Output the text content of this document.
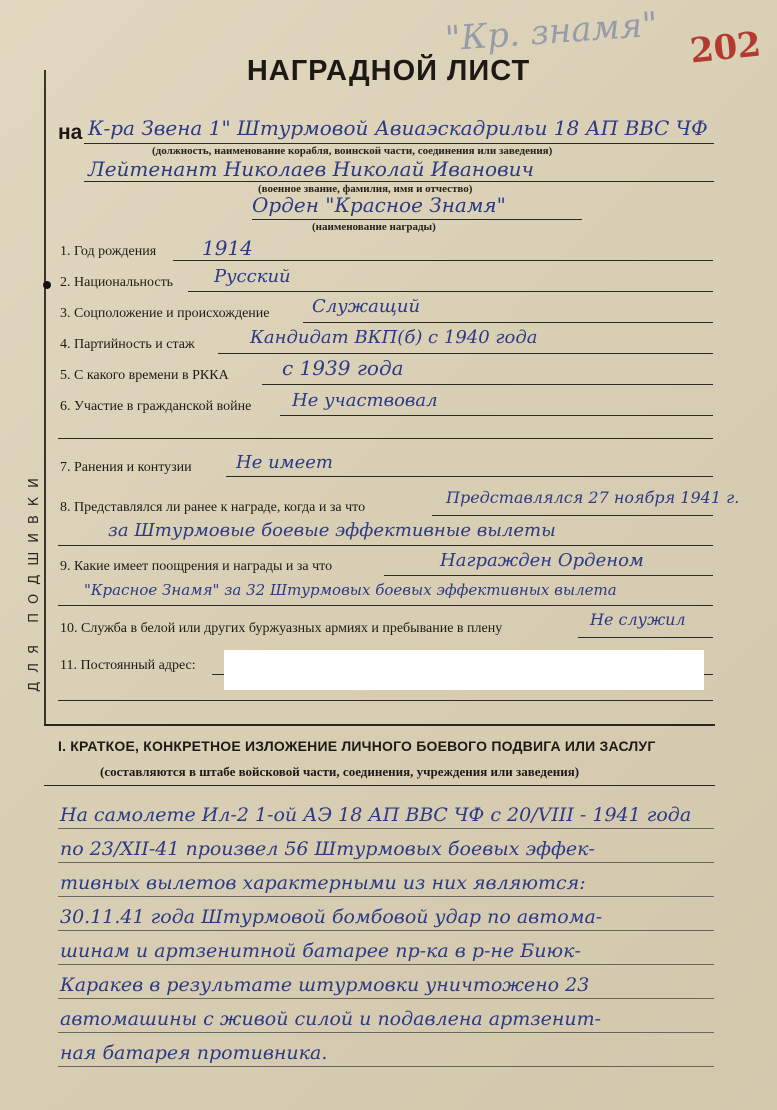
"Кр. знамя" 202
НАГРАДНОЙ ЛИСТ
ДЛЯ ПОДШИВКИ
на К-ра Звена 1" Штурмовой Авиаэскадрильи 18 АП ВВС ЧФ
(должность, наименование корабля, воинской части, соединения или заведения)
Лейтенант Николаев Николай Иванович
(военное звание, фамилия, имя и отчество)
Орден "Красное Знамя"
(наименование награды)
1. Год рождения 1914
2. Национальность Русский
3. Соцположение и происхождение Служащий
4. Партийность и стаж	Кандидат ВКП(б) с 1940 года
5. С какого времени в РККА	с 1939 года
6. Участие в гражданской войне Не участвовал
7. Ранения и контузии Не имеет
8. Представлялся ли ранее к награде, когда и за что
Представлялся 27 ноября 1941 г.
за Штурмовые боевые эффективные вылеты
9. Какие имеет поощрения и награды и за что	Награжден Орденом
"Красное Знамя" за 32 Штурмовых боевых эффективных вылета
10. Служба в белой или других буржуазных армиях и пребывание в плену	Не служил
11. Постоянный адрес:
I. КРАТКОЕ, КОНКРЕТНОЕ ИЗЛОЖЕНИЕ ЛИЧНОГО БОЕВОГО ПОДВИГА ИЛИ ЗАСЛУГ
(составляются в штабе войсковой части, соединения, учреждения или заведения)
На самолете Ил-2 1-ой АЭ 18 АП ВВС ЧФ с 20/VIII - 1941 года
по 23/XII-41 произвел 56 Штурмовых боевых эффек-
тивных вылетов характерными из них являются:
30.11.41 года Штурмовой бомбовой удар по автома-
шинам и артзенитной батарее пр-ка в р-не Биюк-
Каракев в результате штурмовки уничтожено 23
автомашины с живой силой и подавлена артзенит-
ная батарея противника.
